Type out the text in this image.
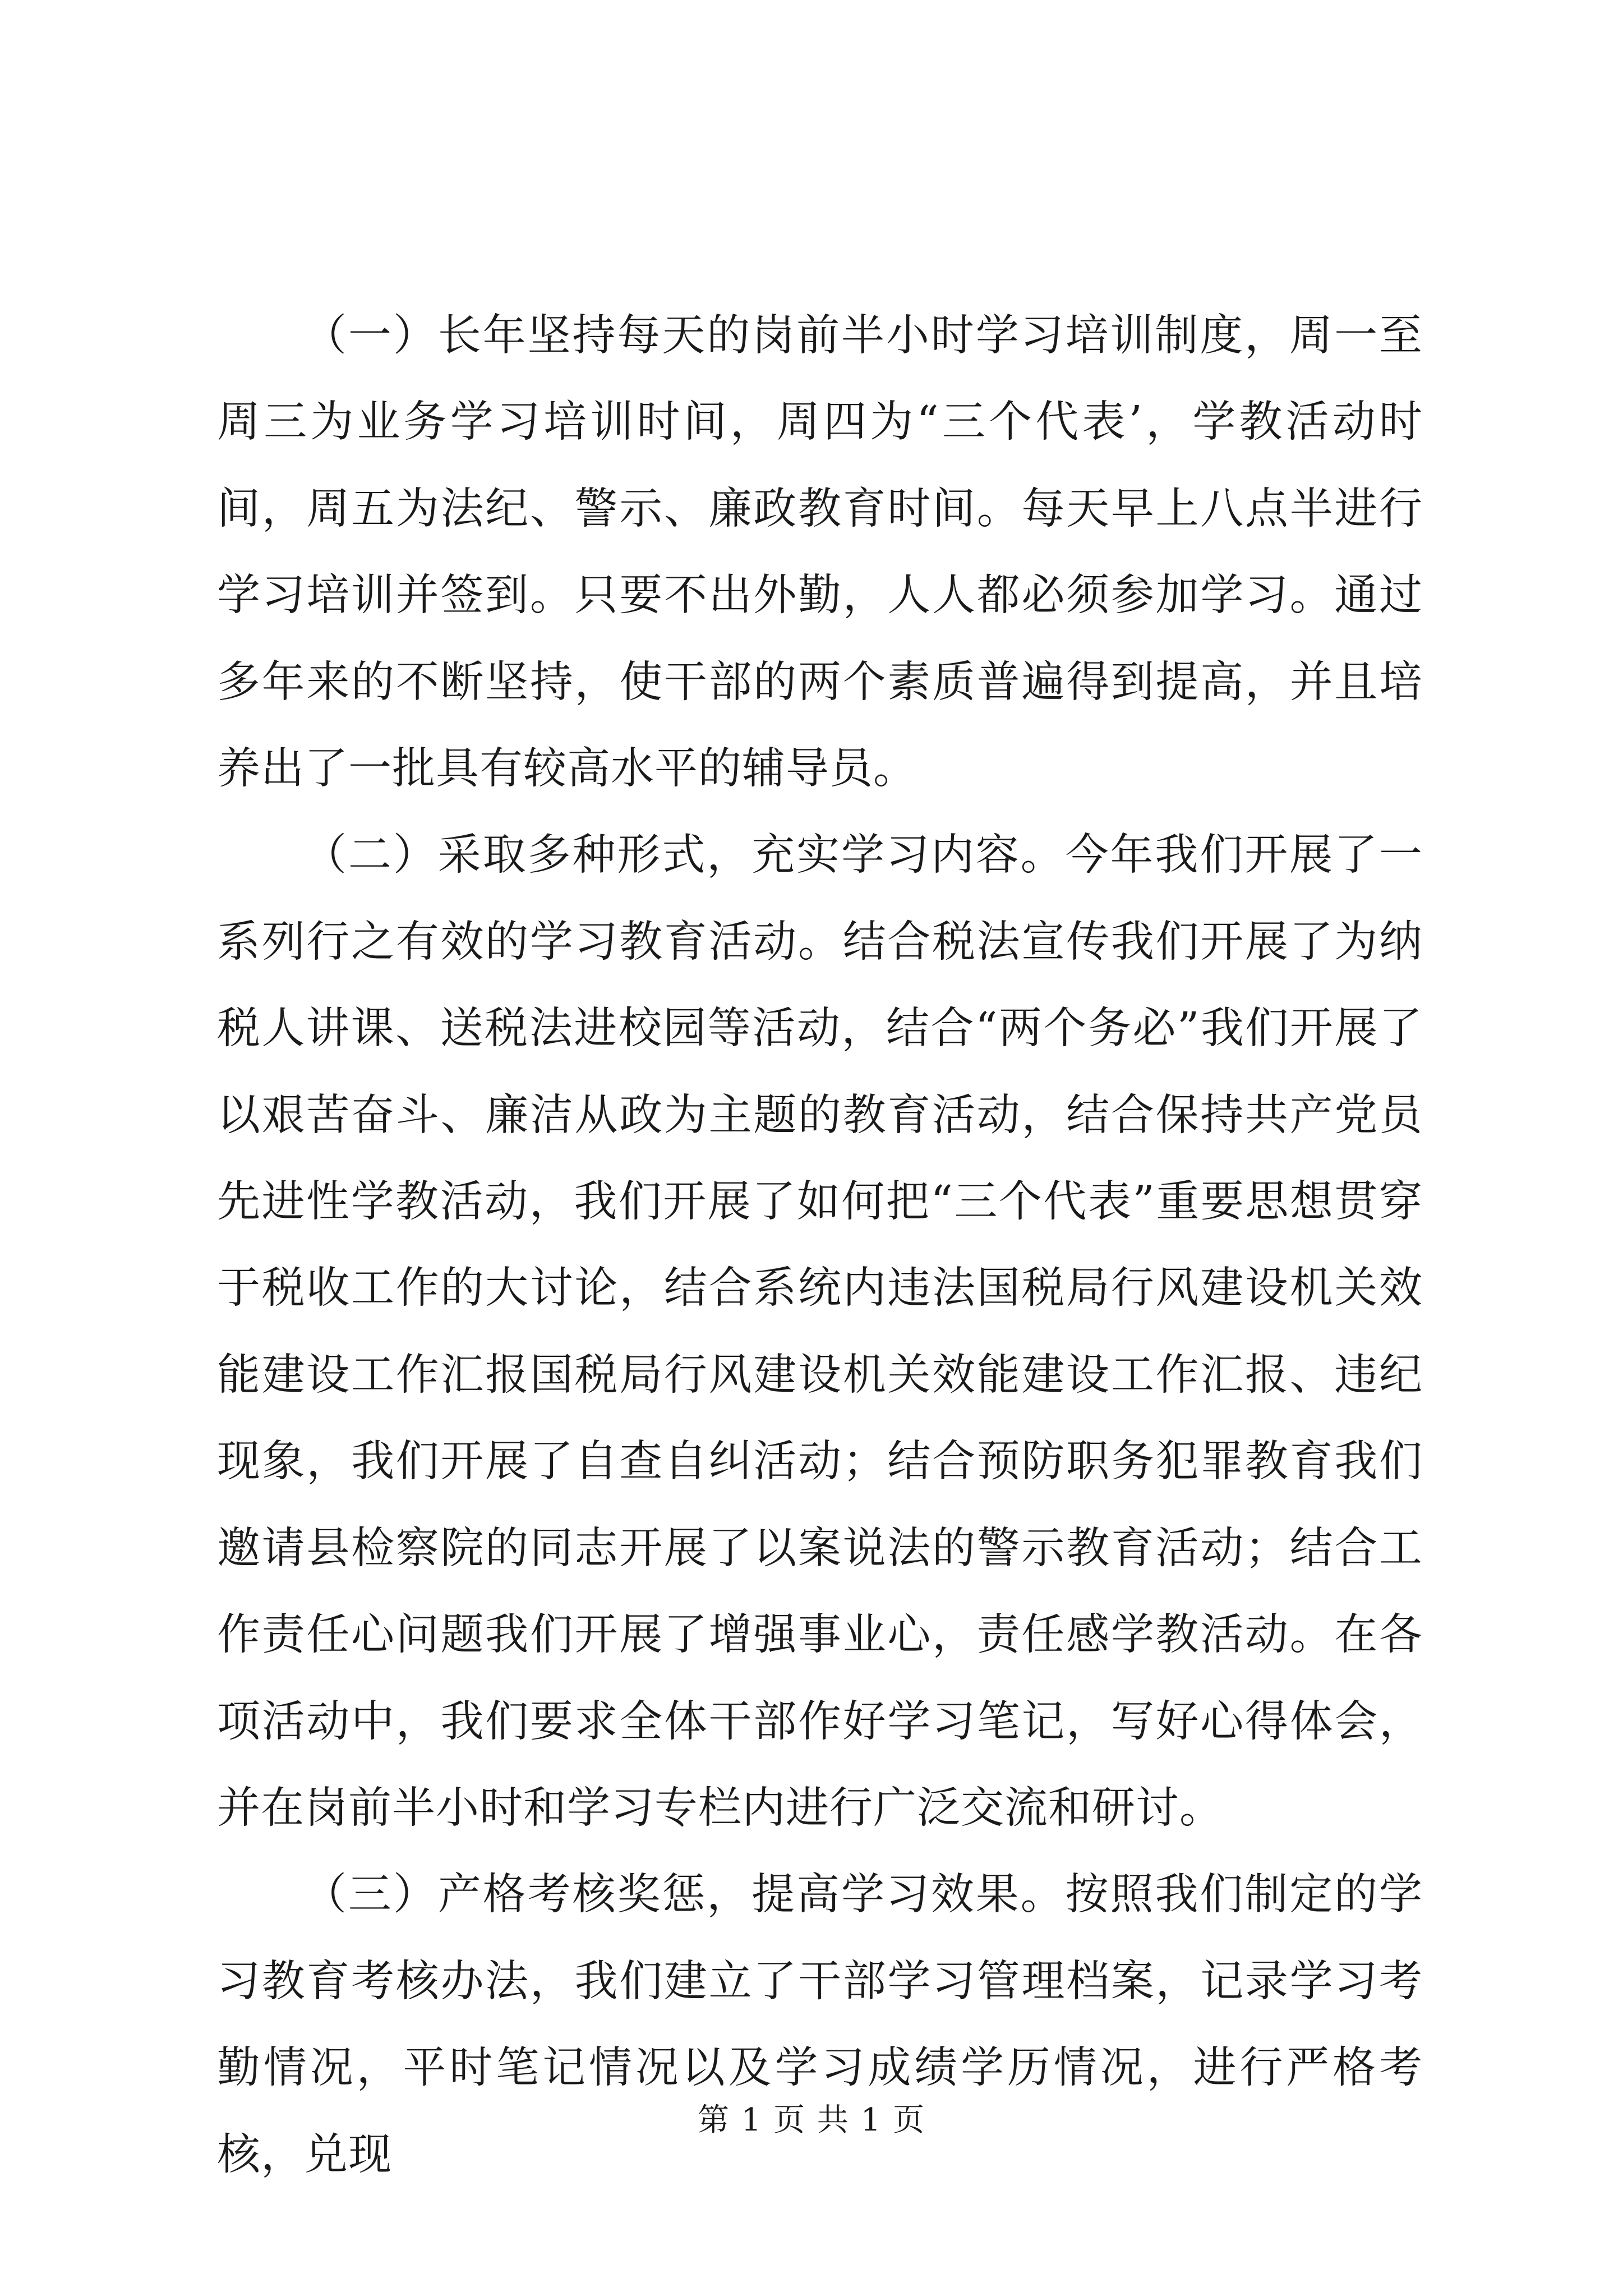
（一）长年坚持每天的岗前半小时学习培训制度，周一至周三为业务学习培训时间，周四为“三个代表’，学教活动时间，周五为法纪、警示、廉政教育时间。每天早上八点半进行学习培训并签到。只要不出外勤，人人都必须参加学习。通过多年来的不断坚持，使干部的两个素质普遍得到提高，并且培养出了一批具有较高水平的辅导员。

（二）采取多种形式，充实学习内容。今年我们开展了一系列行之有效的学习教育活动。结合税法宣传我们开展了为纳税人讲课、送税法进校园等活动，结合“两个务必”我们开展了以艰苦奋斗、廉洁从政为主题的教育活动，结合保持共产党员先进性学教活动，我们开展了如何把“三个代表”重要思想贯穿于税收工作的大讨论，结合系统内违法国税局行风建设机关效能建设工作汇报国税局行风建设机关效能建设工作汇报、违纪现象，我们开展了自查自纠活动；结合预防职务犯罪教育我们邀请县检察院的同志开展了以案说法的警示教育活动；结合工作责任心问题我们开展了增强事业心，责任感学教活动。在各项活动中，我们要求全体干部作好学习笔记，写好心得体会，并在岗前半小时和学习专栏内进行广泛交流和研讨。

（三）产格考核奖惩，提高学习效果。按照我们制定的学习教育考核办法，我们建立了干部学习管理档案，记录学习考勤情况，平时笔记情况以及学习成绩学历情况，进行严格考核，兑现

第 1 页 共 1 页
